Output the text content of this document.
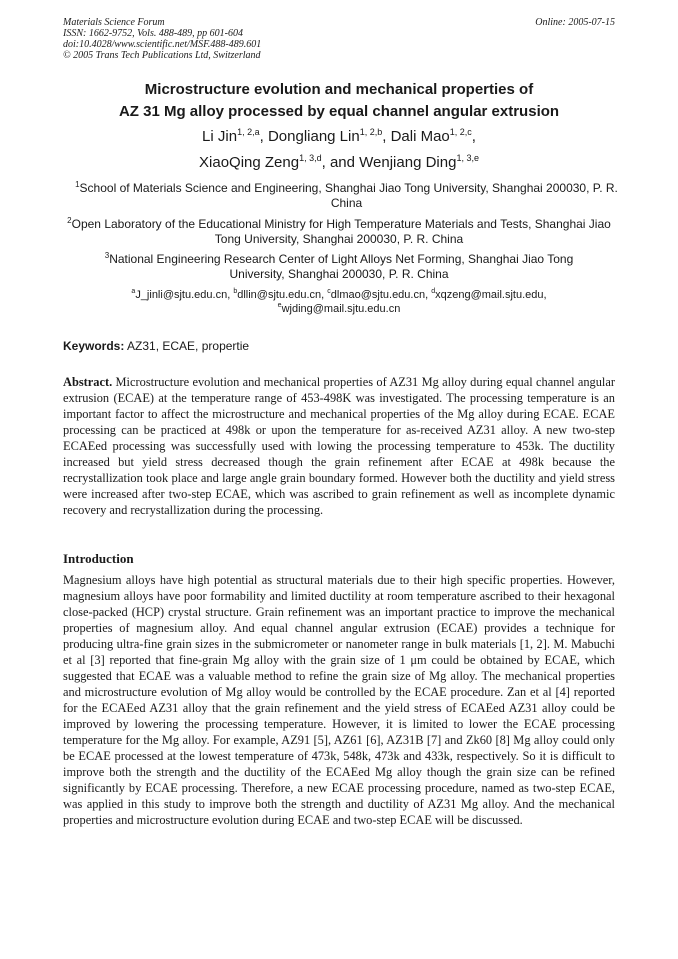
Materials Science Forum
ISSN: 1662-9752, Vols. 488-489, pp 601-604
doi:10.4028/www.scientific.net/MSF.488-489.601
© 2005 Trans Tech Publications Ltd, Switzerland
Online: 2005-07-15
Microstructure evolution and mechanical properties of
AZ 31 Mg alloy processed by equal channel angular extrusion
Li Jin$^{1, 2,a}$, Dongliang Lin$^{1, 2,b}$, Dali Mao$^{1, 2,c}$,
XiaoQing Zeng$^{1, 3,d}$, and Wenjiang Ding$^{1, 3,e}$
$^1$School of Materials Science and Engineering, Shanghai Jiao Tong University, Shanghai 200030, P. R. China
$^2$Open Laboratory of the Educational Ministry for High Temperature Materials and Tests, Shanghai Jiao Tong University, Shanghai 200030, P. R. China
$^3$National Engineering Research Center of Light Alloys Net Forming, Shanghai Jiao Tong University, Shanghai 200030, P. R. China
$^a$J_jinli@sjtu.edu.cn, $^b$dllin@sjtu.edu.cn, $^c$dlmao@sjtu.edu.cn, $^d$xqzeng@mail.sjtu.edu,
$^e$wjding@mail.sjtu.edu.cn
Keywords: AZ31, ECAE, propertie
Abstract. Microstructure evolution and mechanical properties of AZ31 Mg alloy during equal channel angular extrusion (ECAE) at the temperature range of 453-498K was investigated. The processing temperature is an important factor to affect the microstructure and mechanical properties of the Mg alloy during ECAE. ECAE processing can be practiced at 498k or upon the temperature for as-received AZ31 alloy. A new two-step ECAEed processing was successfully used with lowing the processing temperature to 453k. The ductility increased but yield stress decreased though the grain refinement after ECAE at 498k because the recrystallization took place and large angle grain boundary formed. However both the ductility and yield stress were increased after two-step ECAE, which was ascribed to grain refinement as well as incomplete dynamic recovery and recrystallization during the processing.
Introduction
Magnesium alloys have high potential as structural materials due to their high specific properties. However, magnesium alloys have poor formability and limited ductility at room temperature ascribed to their hexagonal close-packed (HCP) crystal structure. Grain refinement was an important practice to improve the mechanical properties of magnesium alloy. And equal channel angular extrusion (ECAE) provides a technique for producing ultra-fine grain sizes in the submicrometer or nanometer range in bulk materials [1, 2]. M. Mabuchi et al [3] reported that fine-grain Mg alloy with the grain size of 1 μm could be obtained by ECAE, which suggested that ECAE was a valuable method to refine the grain size of Mg alloy. The mechanical properties and microstructure evolution of Mg alloy would be controlled by the ECAE procedure. Zan et al [4] reported for the ECAEed AZ31 alloy that the grain refinement and the yield stress of ECAEed AZ31 alloy could be improved by lowering the processing temperature. However, it is limited to lower the ECAE processing temperature for the Mg alloy. For example, AZ91 [5], AZ61 [6], AZ31B [7] and Zk60 [8] Mg alloy could only be ECAE processed at the lowest temperature of 473k, 548k, 473k and 433k, respectively. So it is difficult to improve both the strength and the ductility of the ECAEed Mg alloy though the grain size can be refined significantly by ECAE processing. Therefore, a new ECAE processing procedure, named as two-step ECAE, was applied in this study to improve both the strength and ductility of AZ31 Mg alloy. And the mechanical properties and microstructure evolution during ECAE and two-step ECAE will be discussed.
